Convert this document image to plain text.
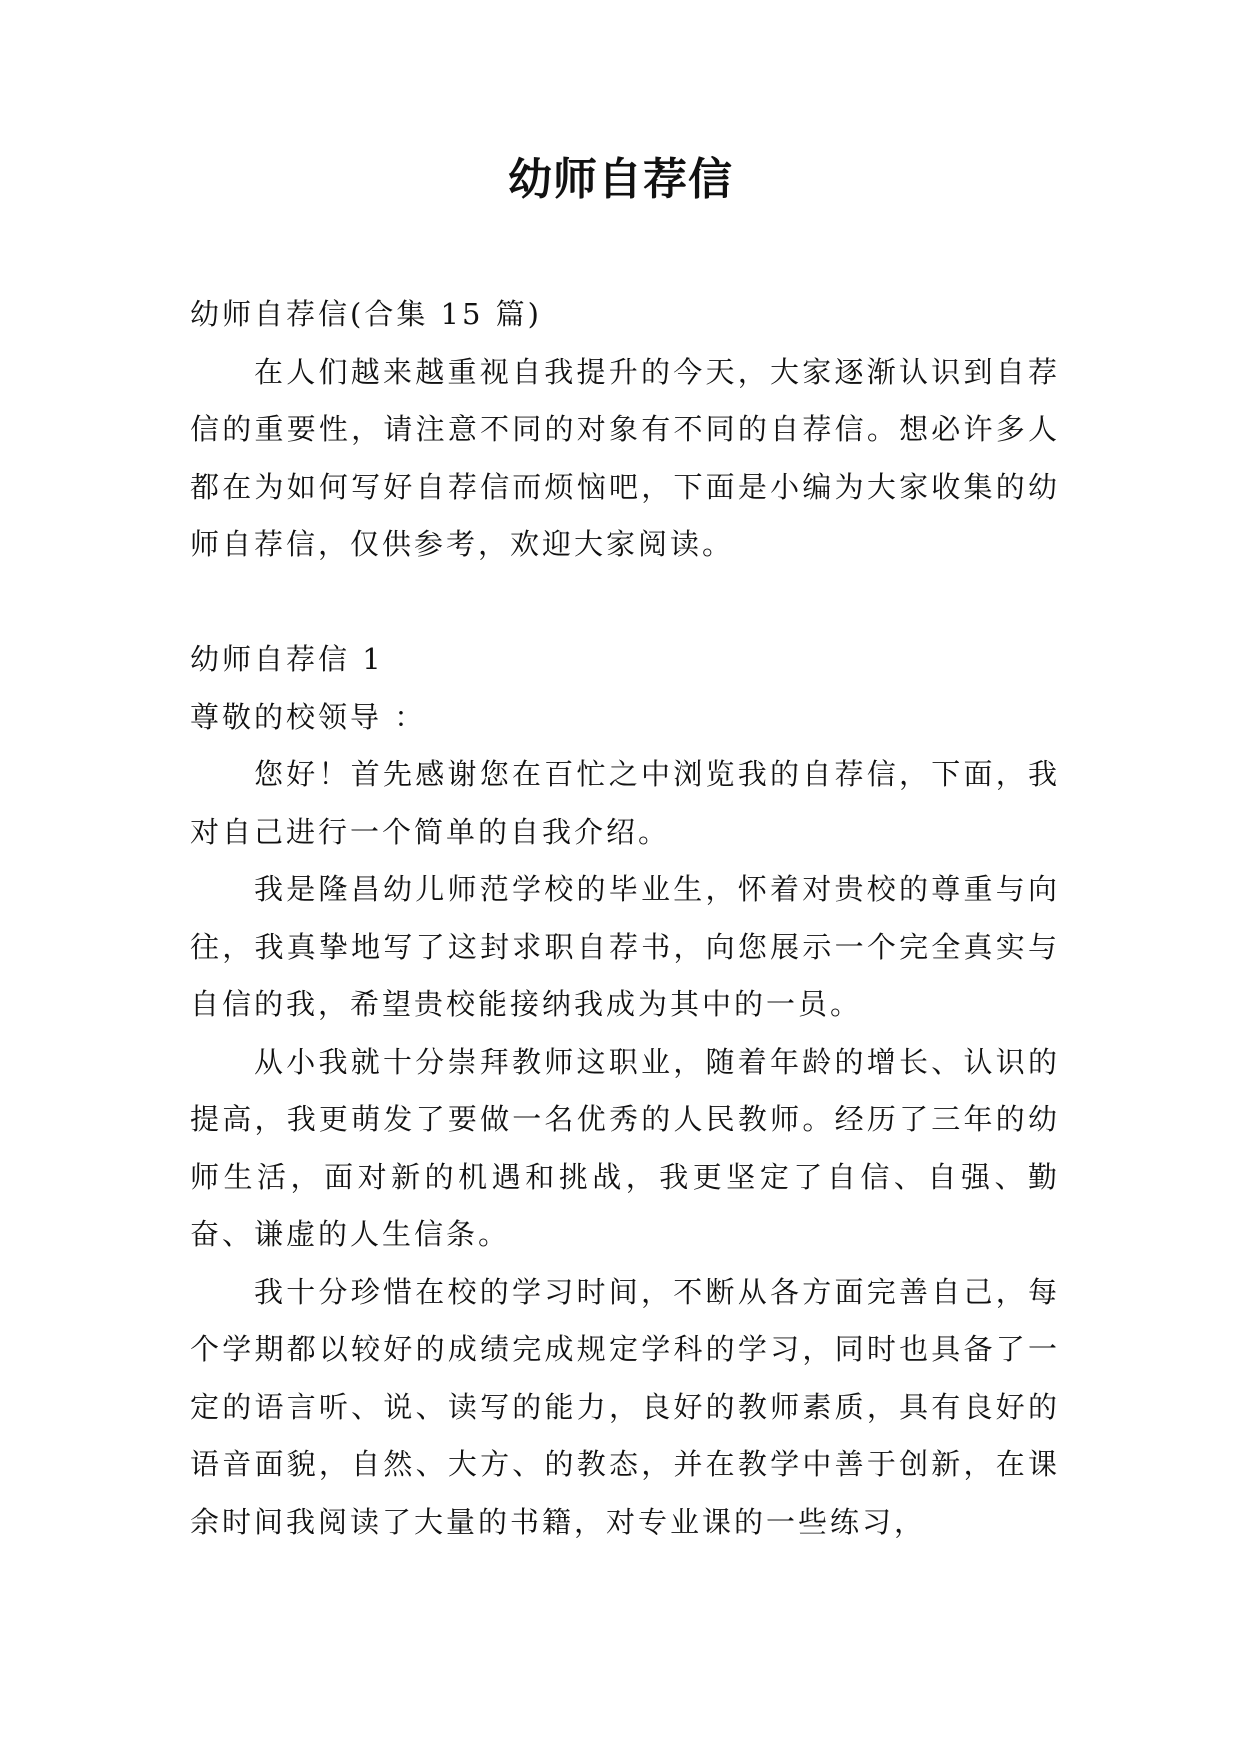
幼师自荐信

幼师自荐信(合集 15 篇)

在人们越来越重视自我提升的今天，大家逐渐认识到自荐信的重要性，请注意不同的对象有不同的自荐信。想必许多人都在为如何写好自荐信而烦恼吧，下面是小编为大家收集的幼师自荐信，仅供参考，欢迎大家阅读。

幼师自荐信 1

尊敬的校领导 ：

您好！首先感谢您在百忙之中浏览我的自荐信，下面，我对自己进行一个简单的自我介绍。

我是隆昌幼儿师范学校的毕业生，怀着对贵校的尊重与向往，我真挚地写了这封求职自荐书，向您展示一个完全真实与自信的我，希望贵校能接纳我成为其中的一员。

从小我就十分崇拜教师这职业，随着年龄的增长、认识的提高，我更萌发了要做一名优秀的人民教师。经历了三年的幼师生活，面对新的机遇和挑战，我更坚定了自信、自强、勤奋、谦虚的人生信条。

我十分珍惜在校的学习时间，不断从各方面完善自己，每个学期都以较好的成绩完成规定学科的学习，同时也具备了一定的语言听、说、读写的能力，良好的教师素质，具有良好的语音面貌，自然、大方、的教态，并在教学中善于创新，在课余时间我阅读了大量的书籍，对专业课的一些练习，
